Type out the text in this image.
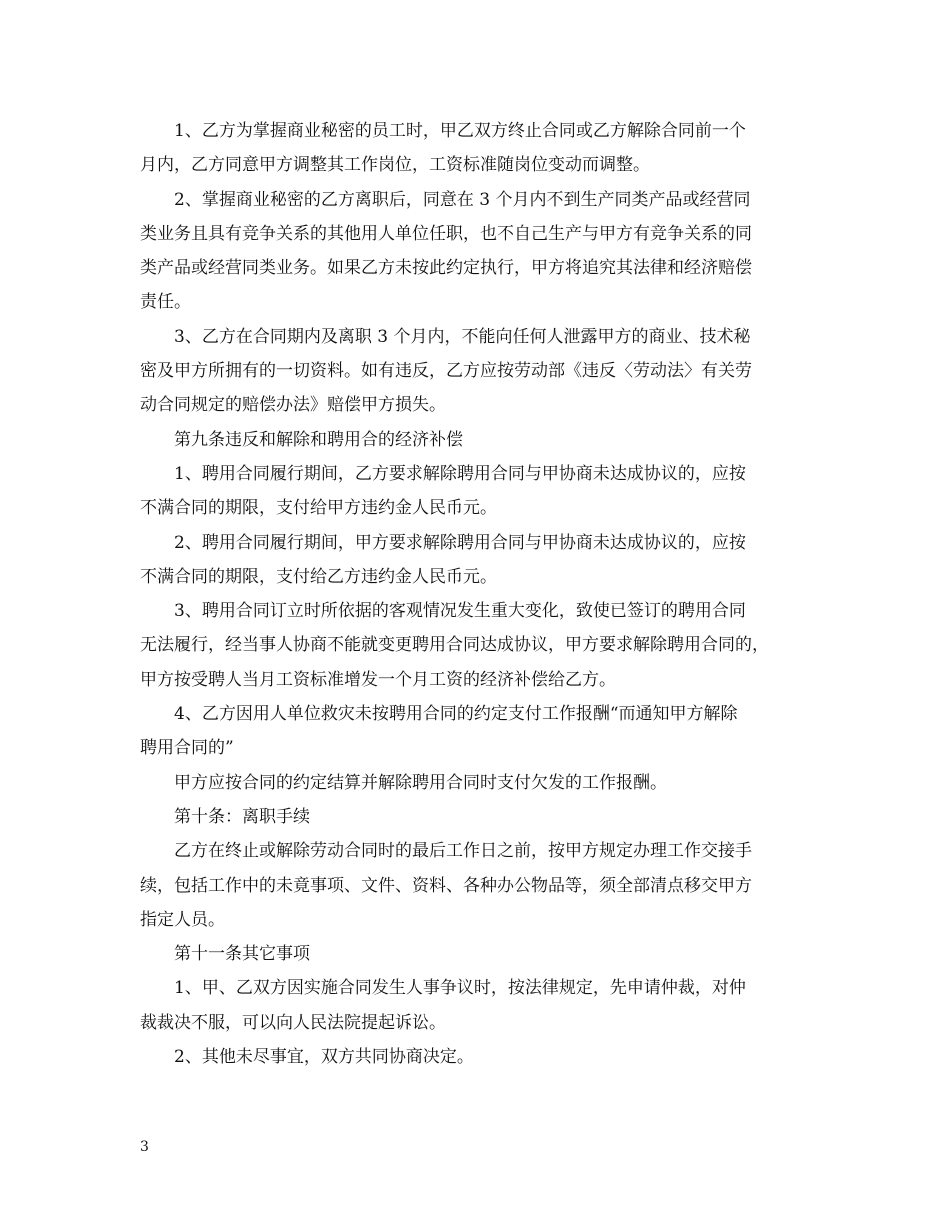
1、乙方为掌握商业秘密的员工时，甲乙双方终止合同或乙方解除合同前一个
月内，乙方同意甲方调整其工作岗位，工资标准随岗位变动而调整。
2、掌握商业秘密的乙方离职后，同意在 3 个月内不到生产同类产品或经营同
类业务且具有竞争关系的其他用人单位任职，也不自己生产与甲方有竞争关系的同
类产品或经营同类业务。如果乙方未按此约定执行，甲方将追究其法律和经济赔偿
责任。
3、乙方在合同期内及离职 3 个月内，不能向任何人泄露甲方的商业、技术秘
密及甲方所拥有的一切资料。如有违反，乙方应按劳动部《违反〈劳动法〉有关劳
动合同规定的赔偿办法》赔偿甲方损失。
第九条违反和解除和聘用合的经济补偿
1、聘用合同履行期间，乙方要求解除聘用合同与甲协商未达成协议的，应按
不满合同的期限，支付给甲方违约金人民币元。
2、聘用合同履行期间，甲方要求解除聘用合同与甲协商未达成协议的，应按
不满合同的期限，支付给乙方违约金人民币元。
3、聘用合同订立时所依据的客观情况发生重大变化，致使已签订的聘用合同
无法履行，经当事人协商不能就变更聘用合同达成协议，甲方要求解除聘用合同的，
甲方按受聘人当月工资标准增发一个月工资的经济补偿给乙方。
4、乙方因用人单位救灾未按聘用合同的约定支付工作报酬“而通知甲方解除
聘用合同的”
甲方应按合同的约定结算并解除聘用合同时支付欠发的工作报酬。
第十条：离职手续
乙方在终止或解除劳动合同时的最后工作日之前，按甲方规定办理工作交接手
续，包括工作中的未竟事项、文件、资料、各种办公物品等，须全部清点移交甲方
指定人员。
第十一条其它事项
1、甲、乙双方因实施合同发生人事争议时，按法律规定，先申请仲裁，对仲
裁裁决不服，可以向人民法院提起诉讼。
2、其他未尽事宜，双方共同协商决定。
3
